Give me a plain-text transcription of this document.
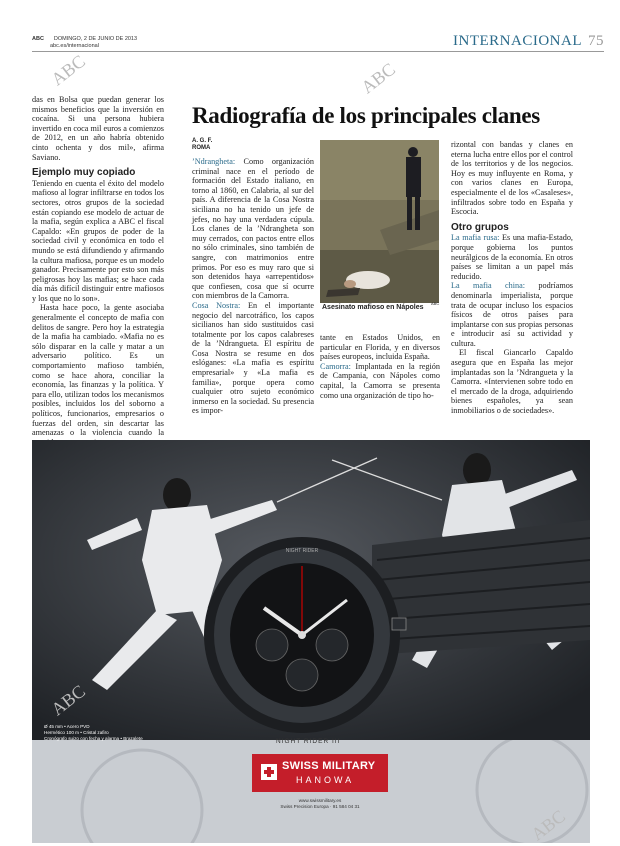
ABC DOMINGO, 2 DE JUNIO DE 2013
abc.es/internacional	INTERNACIONAL 75

das en Bolsa que puedan generar los mismos beneficios que la inversión en cocaína. Si una persona hubiera invertido en coca mil euros a comienzos de 2012, en un año habría obtenido cinto ochenta y dos mil», afirma Saviano.

Ejemplo muy copiado

Teniendo en cuenta el éxito del modelo mafioso al lograr infiltrarse en todos los sectores, otros grupos de la sociedad están copiando ese modelo de actuar de la mafia, según explica a ABC el fiscal Capaldo: «En grupos de poder de la sociedad civil y económica en todo el mundo se está difundiendo y afirmando la cultura mafiosa, porque es un modelo ganador. Precisamente por esto son más peligrosas hoy las mafias; se hace cada día más difícil distinguir entre mafiosos y los que no lo son».

Hasta hace poco, la gente asociaba generalmente el concepto de mafia con delitos de sangre. Pero hoy la estrategia de la mafia ha cambiado. «Mafia no es sólo disparar en la calle y matar a un adversario político. Es un comportamiento mafioso también, como se hace ahora, conciliar la economía, las finanzas y la política. Y para ello, utilizan todos los mecanismos posibles, incluidos los del soborno a políticos, funcionarios, empresarios o fuerzas del orden, sin descartar las amenazas o la violencia cuando la

Radiografía de los principales clanes
A. G. F.
ROMA

’Ndrangheta: Como organización criminal nace en el período de formación del Estado italiano, en torno al 1860, en Calabria, al sur del país. A diferencia de la Cosa Nostra siciliana no ha tenido un jefe de jefes, no hay una verdadera cúpula. Los clanes de la ’Ndrangheta son muy cerrados, con pactos entre ellos no sólo criminales, sino también de sangre, con matrimonios entre primos. Por eso es muy raro que si son detenidos haya «arrepentidos» que confiesen, cosa que sí ocurre con miembros de la Camorra.

Cosa Nostra: En el importante negocio del narcotráfico, los capos sicilianos han sido sustituidos casi totalmente por los capos calabreses de la ’Ndrangueta. El espíritu de Cosa Nostra se resume en dos eslóganes: «La mafia es espíritu empresarial» y «La mafia es familia», porque opera como cualquier otro sujeto económico inmerso en la sociedad. Su presencia es impor-

Asesinato mafioso en Nápoles
ABC

tante en Estados Unidos, en particular en Florida, y en diversos países europeos, incluida España.

Camorra: Implantada en la región de Campania, con Nápoles como capital, la Camorra se presenta como una organización de tipo ho-

rizontal con bandas y clanes en eterna lucha entre ellos por el control de los territorios y de los negocios. Hoy es muy influyente en Roma, y con varios clanes en Europa, especialmente el de los «Casaleses», infiltrados sobre todo en España y Escocia.

Otro grupos

La mafia rusa: Es una mafia-Estado, porque gobierna los puntos neurálgicos de la economía. En otros países se limitan a un papel más reducido.

La mafia china: podríamos denominarla imperialista, porque trata de ocupar incluso los espacios físicos de otros países para implantarse con sus propias personas e introducir así su actividad y cultura.

El fiscal Giancarlo Capaldo asegura que en España las mejor implantadas son la ’Ndrangueta y la Camorra. «Intervienen sobre todo en el mercado de la droga, adquiriendo bienes españoles, ya sean inmobiliarios o de sociedades».

NIGHT RIDER
Ø 45 mm • Acero PVD
Hermético 100 m • Cristal zafiro
Cronógrafo suizo con fecha y alarma • Brazalete	NIGHT RIDER III
SWISS MILITARY
HANOWA
www.swissmilitary.es
Swiss Precision Europa · 91 584 04 31
ABC	ABC
ABC
ABC
